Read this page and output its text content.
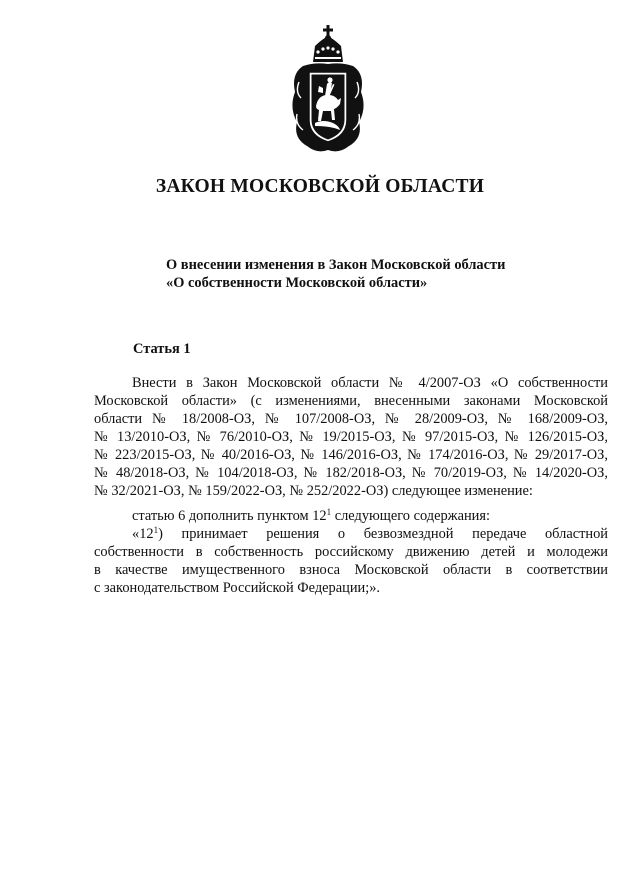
ЗАКОН МОСКОВСКОЙ ОБЛАСТИ
О внесении изменения в Закон Московской области
«О собственности Московской области»
Статья 1
Внести в Закон Московской области № 4/2007-ОЗ «О собственности
Московской области» (с изменениями, внесенными законами Московской
области № 18/2008-ОЗ, № 107/2008-ОЗ, № 28/2009-ОЗ, № 168/2009-ОЗ,
№ 13/2010-ОЗ, № 76/2010-ОЗ, № 19/2015-ОЗ, № 97/2015-ОЗ, № 126/2015-ОЗ,
№ 223/2015-ОЗ, № 40/2016-ОЗ, № 146/2016-ОЗ, № 174/2016-ОЗ, № 29/2017-ОЗ,
№ 48/2018-ОЗ, № 104/2018-ОЗ, № 182/2018-ОЗ, № 70/2019-ОЗ, № 14/2020-ОЗ,
№ 32/2021-ОЗ, № 159/2022-ОЗ, № 252/2022-ОЗ) следующее изменение:
статью 6 дополнить пунктом $12^1$ следующего содержания:
«$12^1$) принимает решения о безвозмездной передаче областной
собственности в собственность российскому движению детей и молодежи
в качестве имущественного взноса Московской области в соответствии
с законодательством Российской Федерации;».
